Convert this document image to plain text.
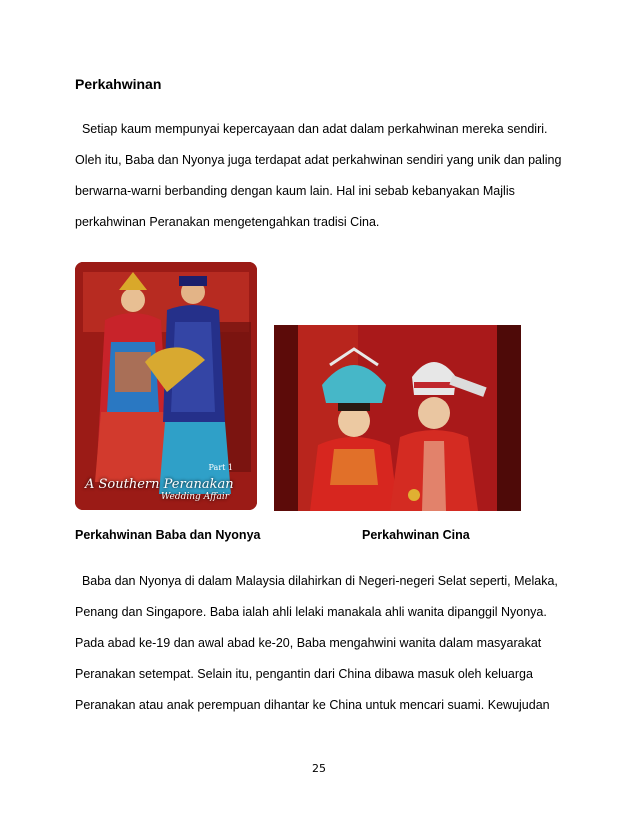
Perkahwinan
Setiap kaum mempunyai kepercayaan dan adat dalam perkahwinan mereka sendiri.
Oleh itu, Baba dan Nyonya juga terdapat adat perkahwinan sendiri yang unik dan paling
berwarna-warni berbanding dengan kaum lain. Hal ini sebab kebanyakan Majlis
perkahwinan Peranakan mengetengahkan tradisi Cina.
Part 1
A Southern Peranakan
Wedding Affair
Perkahwinan Baba dan Nyonya	Perkahwinan Cina
Baba dan Nyonya di dalam Malaysia dilahirkan di Negeri-negeri Selat seperti, Melaka,
Penang dan Singapore. Baba ialah ahli lelaki manakala ahli wanita dipanggil Nyonya.
Pada abad ke-19 dan awal abad ke-20, Baba mengahwini wanita dalam masyarakat
Peranakan setempat. Selain itu, pengantin dari China dibawa masuk oleh keluarga
Peranakan atau anak perempuan dihantar ke China untuk mencari suami. Kewujudan
25
